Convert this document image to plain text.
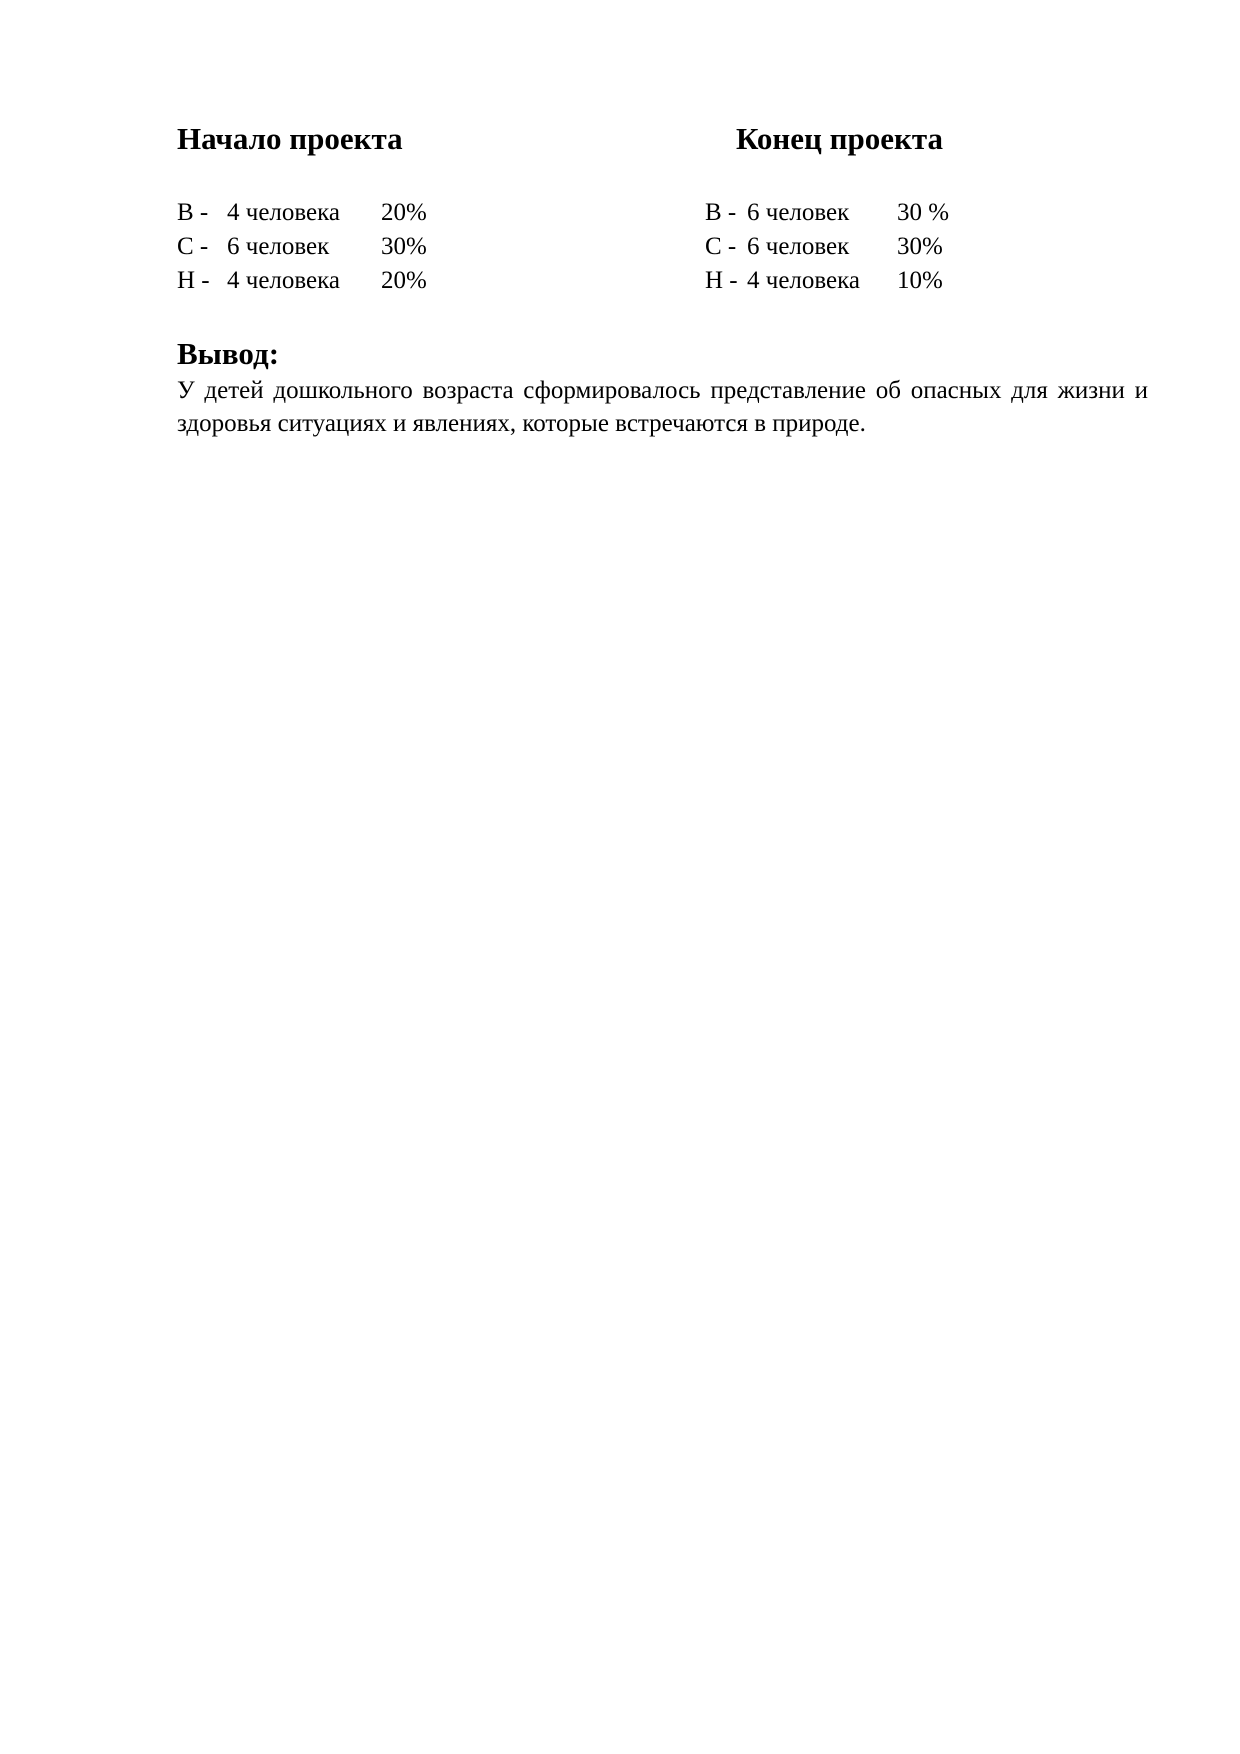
Начало проекта	Конец проекта
В - 4 человека 20%
С - 6 человек 30%
Н - 4 человека 20%
В - 6 человек 30 %
С - 6 человек 30%
Н - 4 человека 10%
Вывод:
У детей дошкольного возраста сформировалось представление об опасных для жизни и здоровья ситуациях и явлениях, которые встречаются в природе.
